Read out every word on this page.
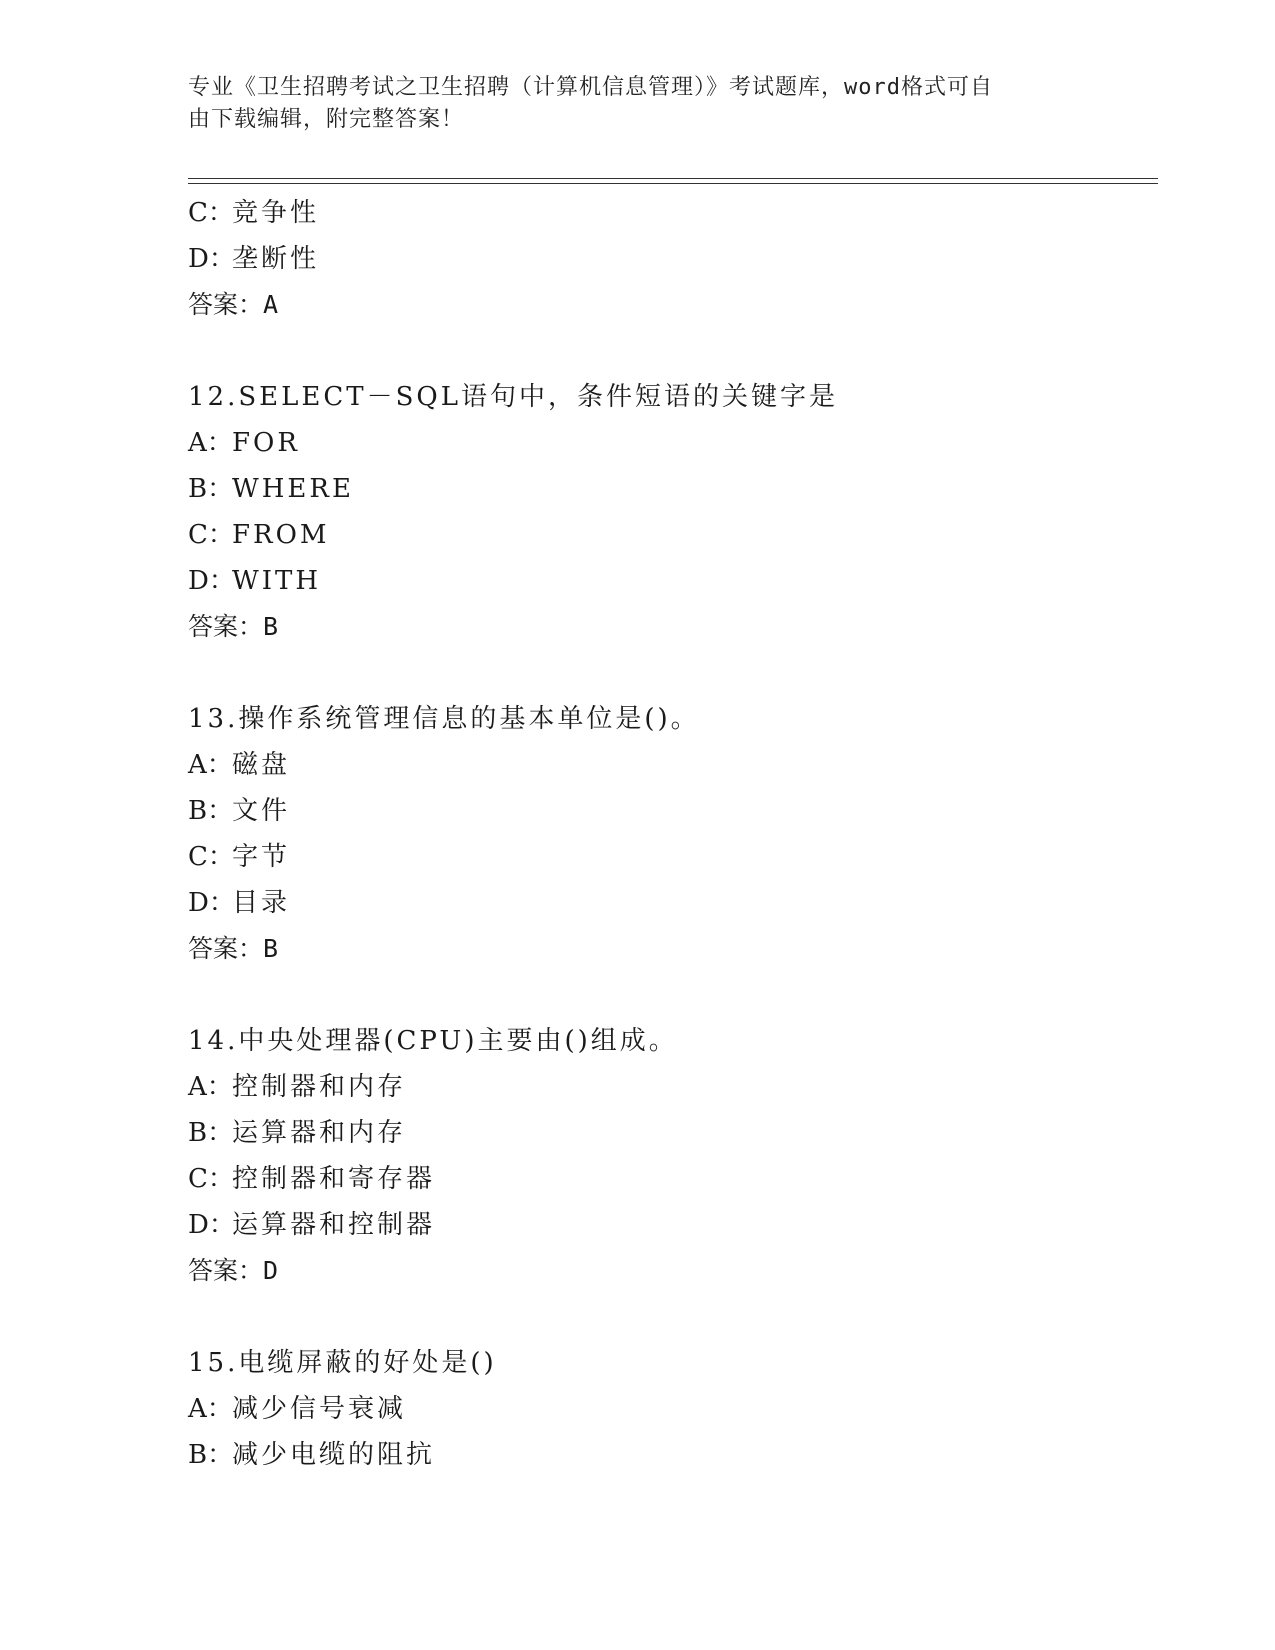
专业《卫生招聘考试之卫生招聘（计算机信息管理）》考试题库，word格式可自
由下载编辑，附完整答案！
C：竞争性
D：垄断性
答案：A
12.SELECT－SQL语句中，条件短语的关键字是
A：FOR
B：WHERE
C：FROM
D：WITH
答案：B
13.操作系统管理信息的基本单位是()。
A：磁盘
B：文件
C：字节
D：目录
答案：B
14.中央处理器(CPU)主要由()组成。
A：控制器和内存
B：运算器和内存
C：控制器和寄存器
D：运算器和控制器
答案：D
15.电缆屏蔽的好处是()
A：减少信号衰减
B：减少电缆的阻抗
